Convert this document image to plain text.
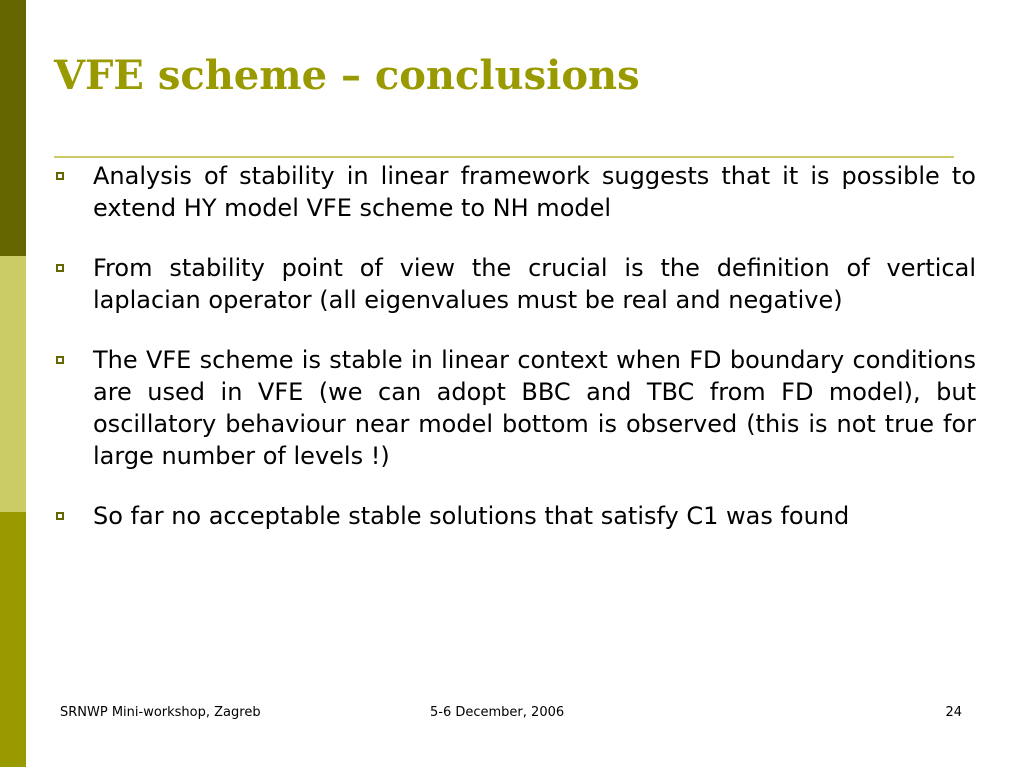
VFE scheme – conclusions
Analysis of stability in linear framework suggests that it is possible to extend HY model VFE scheme to NH model
From stability point of view the crucial is the definition of vertical laplacian operator (all eigenvalues must be real and negative)
The VFE scheme is stable in linear context when FD boundary conditions are used in VFE (we can adopt BBC and TBC from FD model), but oscillatory behaviour near model bottom is observed (this is not true for large number of levels !)
So far no acceptable stable solutions that satisfy C1 was found
SRNWP Mini-workshop, Zagreb	5-6 December, 2006	24
